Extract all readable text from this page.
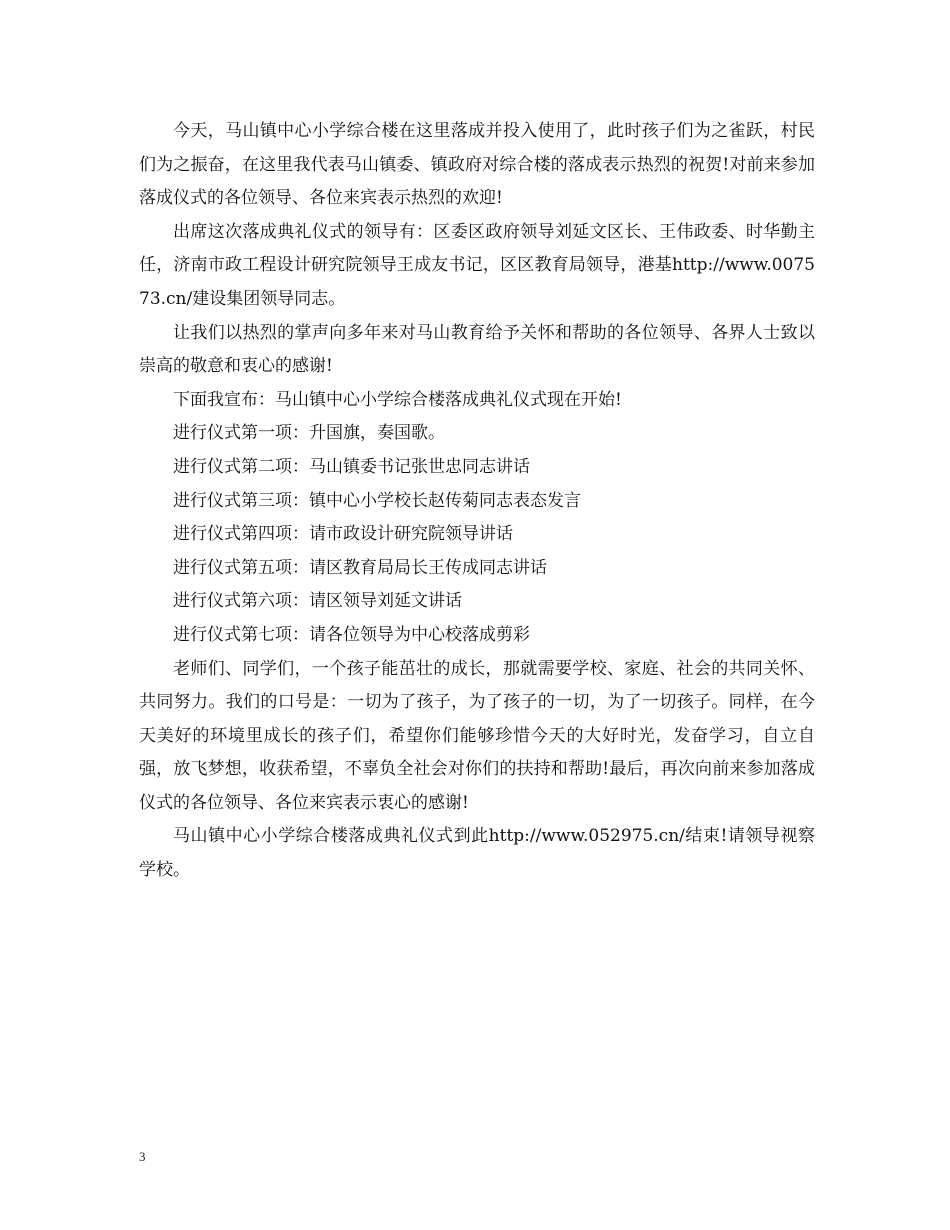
今天，马山镇中心小学综合楼在这里落成并投入使用了，此时孩子们为之雀跃，村民们为之振奋，在这里我代表马山镇委、镇政府对综合楼的落成表示热烈的祝贺!对前来参加落成仪式的各位领导、各位来宾表示热烈的欢迎!

出席这次落成典礼仪式的领导有：区委区政府领导刘延文区长、王伟政委、时华勤主任，济南市政工程设计研究院领导王成友书记，区区教育局领导，港基http://www.007573.cn/建设集团领导同志。

让我们以热烈的掌声向多年来对马山教育给予关怀和帮助的各位领导、各界人士致以崇高的敬意和衷心的感谢!

下面我宣布：马山镇中心小学综合楼落成典礼仪式现在开始!

进行仪式第一项：升国旗，奏国歌。

进行仪式第二项：马山镇委书记张世忠同志讲话

进行仪式第三项：镇中心小学校长赵传菊同志表态发言

进行仪式第四项：请市政设计研究院领导讲话

进行仪式第五项：请区教育局局长王传成同志讲话

进行仪式第六项：请区领导刘延文讲话

进行仪式第七项：请各位领导为中心校落成剪彩

老师们、同学们，一个孩子能茁壮的成长，那就需要学校、家庭、社会的共同关怀、共同努力。我们的口号是：一切为了孩子，为了孩子的一切，为了一切孩子。同样，在今天美好的环境里成长的孩子们，希望你们能够珍惜今天的大好时光，发奋学习，自立自强，放飞梦想，收获希望，不辜负全社会对你们的扶持和帮助!最后，再次向前来参加落成仪式的各位领导、各位来宾表示衷心的感谢!

马山镇中心小学综合楼落成典礼仪式到此http://www.052975.cn/结束!请领导视察学校。

3
